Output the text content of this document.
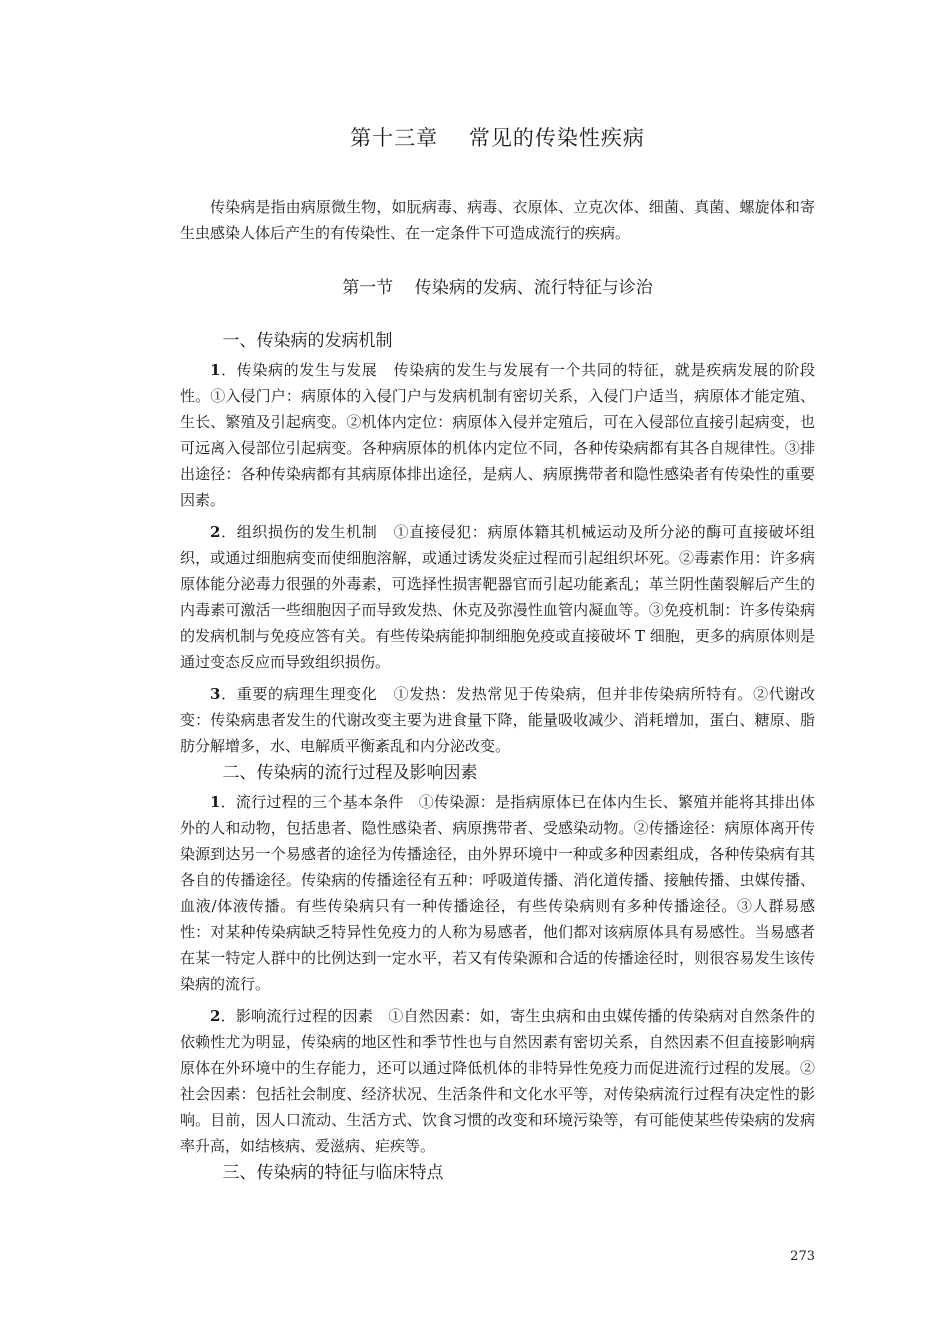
第十三章    常见的传染性疾病

传染病是指由病原微生物，如朊病毒、病毒、衣原体、立克次体、细菌、真菌、螺旋体和寄生虫感染人体后产生的有传染性、在一定条件下可造成流行的疾病。

第一节    传染病的发病、流行特征与诊治
一、传染病的发病机制

1．传染病的发生与发展   传染病的发生与发展有一个共同的特征，就是疾病发展的阶段性。①入侵门户：病原体的入侵门户与发病机制有密切关系，入侵门户适当，病原体才能定殖、生长、繁殖及引起病变。②机体内定位：病原体入侵并定殖后，可在入侵部位直接引起病变，也可远离入侵部位引起病变。各种病原体的机体内定位不同，各种传染病都有其各自规律性。③排出途径：各种传染病都有其病原体排出途径，是病人、病原携带者和隐性感染者有传染性的重要因素。

2．组织损伤的发生机制   ①直接侵犯：病原体籍其机械运动及所分泌的酶可直接破坏组织，或通过细胞病变而使细胞溶解，或通过诱发炎症过程而引起组织坏死。②毒素作用：许多病原体能分泌毒力很强的外毒素，可选择性损害靶器官而引起功能紊乱；革兰阴性菌裂解后产生的内毒素可激活一些细胞因子而导致发热、休克及弥漫性血管内凝血等。③免疫机制：许多传染病的发病机制与免疫应答有关。有些传染病能抑制细胞免疫或直接破坏 T 细胞，更多的病原体则是通过变态反应而导致组织损伤。

3．重要的病理生理变化   ①发热：发热常见于传染病，但并非传染病所特有。②代谢改变：传染病患者发生的代谢改变主要为进食量下降，能量吸收减少、消耗增加，蛋白、糖原、脂肪分解增多，水、电解质平衡紊乱和内分泌改变。

二、传染病的流行过程及影响因素

1．流行过程的三个基本条件   ①传染源：是指病原体已在体内生长、繁殖并能将其排出体外的人和动物，包括患者、隐性感染者、病原携带者、受感染动物。②传播途径：病原体离开传染源到达另一个易感者的途径为传播途径，由外界环境中一种或多种因素组成，各种传染病有其各自的传播途径。传染病的传播途径有五种：呼吸道传播、消化道传播、接触传播、虫媒传播、血液/体液传播。有些传染病只有一种传播途径，有些传染病则有多种传播途径。③人群易感性：对某种传染病缺乏特异性免疫力的人称为易感者，他们都对该病原体具有易感性。当易感者在某一特定人群中的比例达到一定水平，若又有传染源和合适的传播途径时，则很容易发生该传染病的流行。

2．影响流行过程的因素   ①自然因素：如，寄生虫病和由虫媒传播的传染病对自然条件的依赖性尤为明显，传染病的地区性和季节性也与自然因素有密切关系，自然因素不但直接影响病原体在外环境中的生存能力，还可以通过降低机体的非特异性免疫力而促进流行过程的发展。②社会因素：包括社会制度、经济状况、生活条件和文化水平等，对传染病流行过程有决定性的影响。目前，因人口流动、生活方式、饮食习惯的改变和环境污染等，有可能使某些传染病的发病率升高，如结核病、爱滋病、疟疾等。

三、传染病的特征与临床特点
273
